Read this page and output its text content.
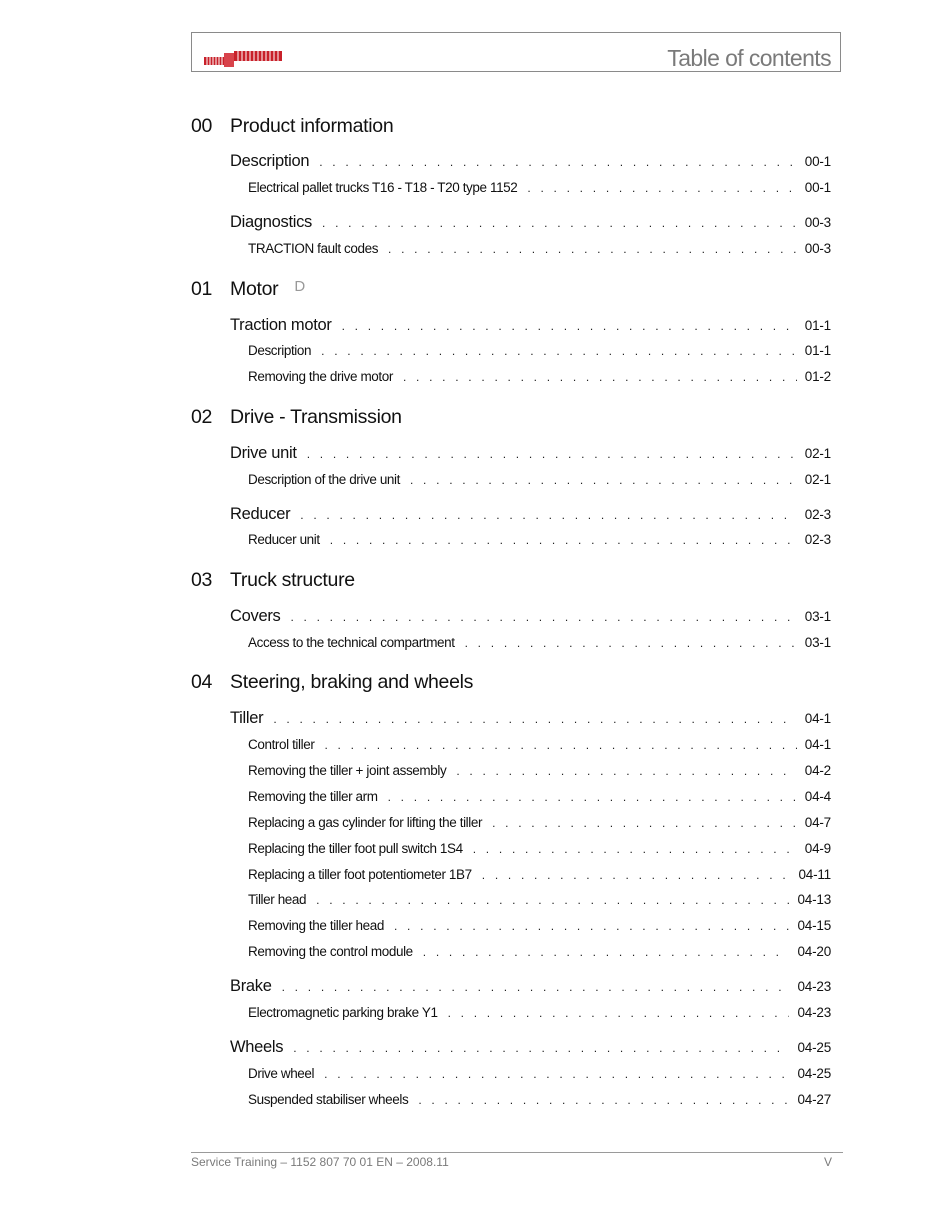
Table of contents
00 Product information
Description . . .	00-1
Electrical pallet trucks T16 - T18 - T20 type 1152 . . .	00-1
Diagnostics . . .	00-3
TRACTION fault codes . . .	00-3
01 Motor D
Traction motor . . .	01-1
Description . . .	01-1
Removing the drive motor . . .	01-2
02 Drive - Transmission
Drive unit . . .	02-1
Description of the drive unit . . .	02-1
Reducer . . .	02-3
Reducer unit . . .	02-3
03 Truck structure
Covers . . .	03-1
Access to the technical compartment . . .	03-1
04 Steering, braking and wheels
Tiller . . .	04-1
Control tiller . . .	04-1
Removing the tiller + joint assembly . . .	04-2
Removing the tiller arm . . .	04-4
Replacing a gas cylinder for lifting the tiller . . .	04-7
Replacing the tiller foot pull switch 1S4 . . .	04-9
Replacing a tiller foot potentiometer 1B7 . . .	04-11
Tiller head . . .	04-13
Removing the tiller head . . .	04-15
Removing the control module . . .	04-20
Brake . . .	04-23
Electromagnetic parking brake Y1 . . .	04-23
Wheels . . .	04-25
Drive wheel . . .	04-25
Suspended stabiliser wheels . . .	04-27
Service Training – 1152 807 70 01 EN – 2008.11	V
